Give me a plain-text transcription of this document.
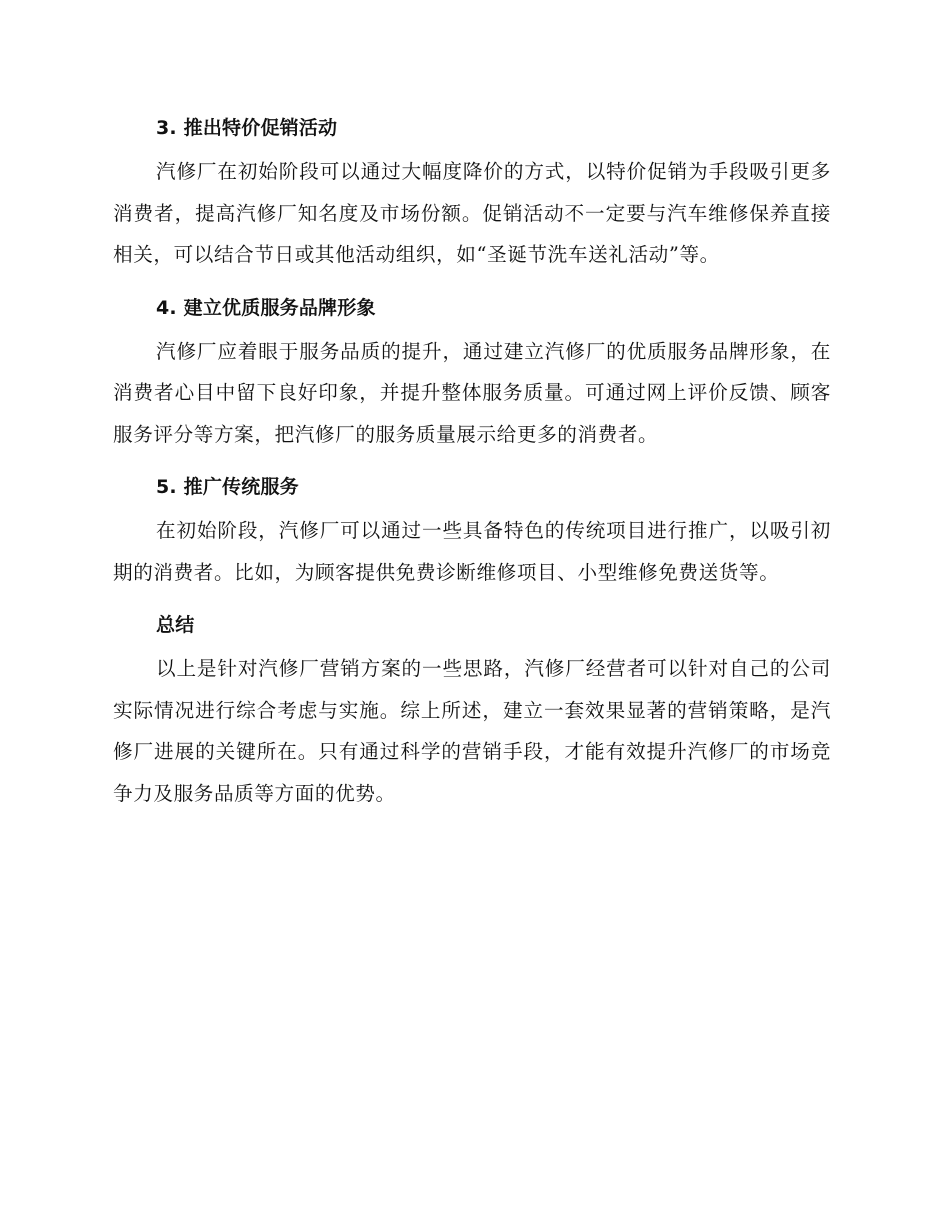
3. 推出特价促销活动

汽修厂在初始阶段可以通过大幅度降价的方式，以特价促销为手段吸引更多消费者，提高汽修厂知名度及市场份额。促销活动不一定要与汽车维修保养直接相关，可以结合节日或其他活动组织，如“圣诞节洗车送礼活动”等。

4. 建立优质服务品牌形象

汽修厂应着眼于服务品质的提升，通过建立汽修厂的优质服务品牌形象，在消费者心目中留下良好印象，并提升整体服务质量。可通过网上评价反馈、顾客服务评分等方案，把汽修厂的服务质量展示给更多的消费者。

5. 推广传统服务

在初始阶段，汽修厂可以通过一些具备特色的传统项目进行推广，以吸引初期的消费者。比如，为顾客提供免费诊断维修项目、小型维修免费送货等。

总结

以上是针对汽修厂营销方案的一些思路，汽修厂经营者可以针对自己的公司实际情况进行综合考虑与实施。综上所述，建立一套效果显著的营销策略，是汽修厂进展的关键所在。只有通过科学的营销手段，才能有效提升汽修厂的市场竞争力及服务品质等方面的优势。
